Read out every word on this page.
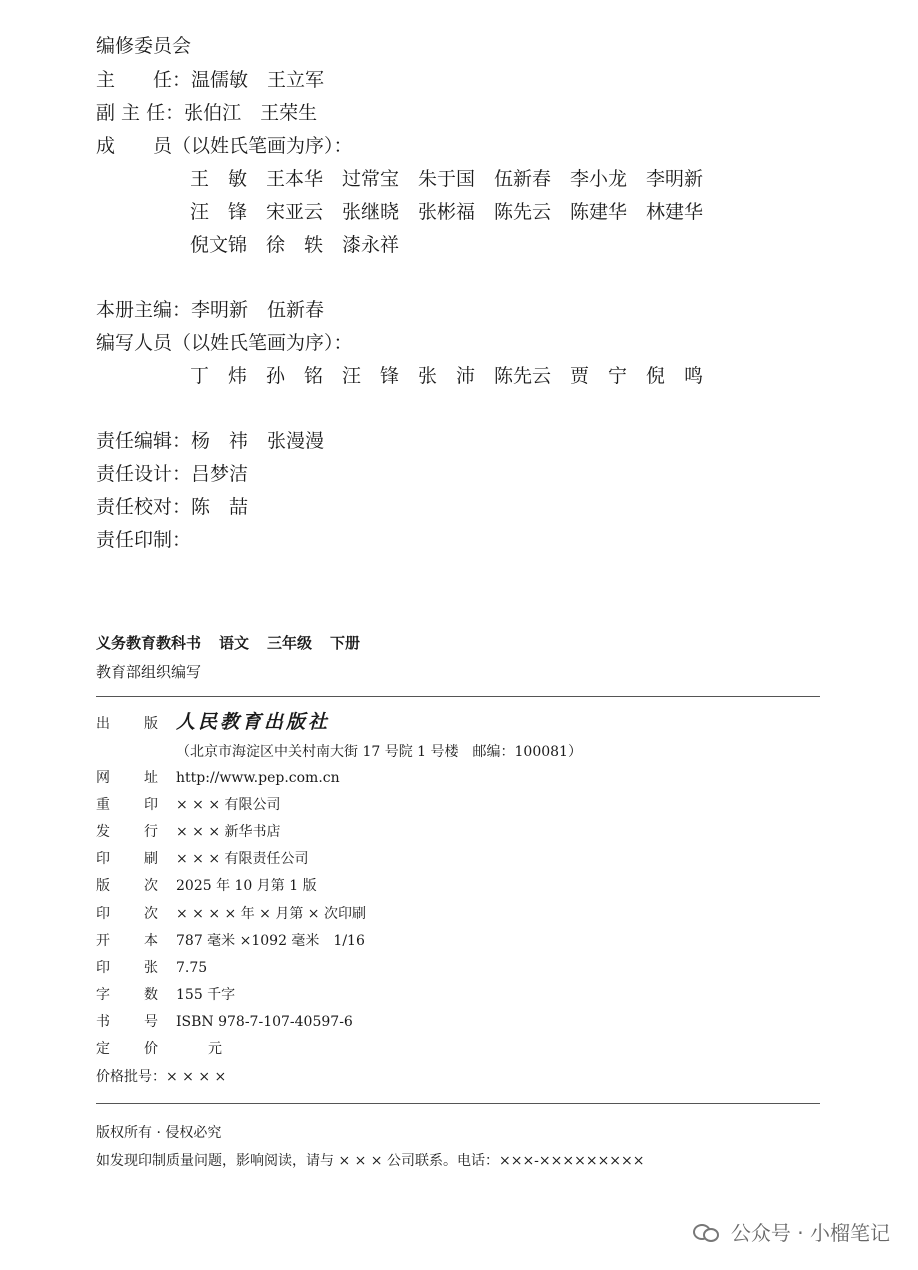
编修委员会
主　　任：温儒敏　王立军
副 主 任：张伯江　王荣生
成　　员（以姓氏笔画为序）：
王　敏 王本华 过常宝 朱于国 伍新春 李小龙 李明新
汪　锋 宋亚云 张继晓 张彬福 陈先云 陈建华 林建华
倪文锦 徐　轶 漆永祥
本册主编：李明新　伍新春
编写人员（以姓氏笔画为序）：
丁　炜 孙　铭 汪　锋 张　沛 陈先云 贾　宁 倪　鸣
责任编辑：杨　祎　张漫漫
责任设计：吕梦洁
责任校对：陈　喆
责任印制：
义务教育教科书 语文 三年级 下册
教育部组织编写
出 版 人民教育出版社
（北京市海淀区中关村南大街 17 号院 1 号楼　邮编：100081）
网 址 http://www.pep.com.cn
重 印 × × × 有限公司
发 行 × × × 新华书店
印 刷 × × × 有限责任公司
版 次 2025 年 10 月第 1 版
印 次 × × × × 年 × 月第 × 次印刷
开 本 787 毫米 ×1092 毫米　1/16
印 张 7.75
字 数 155 千字
书 号 ISBN 978-7-107-40597-6
定 价	元
价格批号：× × × ×
版权所有 · 侵权必究
如发现印制质量问题，影响阅读，请与 × × × 公司联系。电话：×××-×××××××××
公众号 · 小榴笔记
